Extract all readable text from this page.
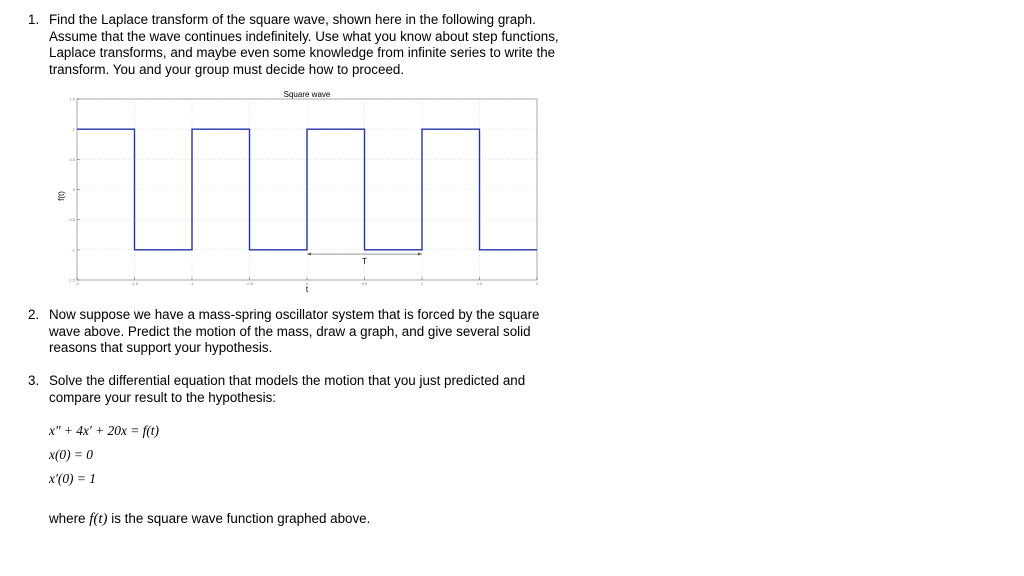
1. Find the Laplace transform of the square wave, shown here in the following graph.
Assume that the wave continues indefinitely. Use what you know about step functions,
Laplace transforms, and maybe even some knowledge from infinite series to write the
transform. You and your group must decide how to proceed.
Square wave
-2	-1.5	-1	-0.5	0	0.5	1	1.5	2
1.5
1
0.5
0
-0.5
-1
-1.5
T
f(t)
t
2. Now suppose we have a mass-spring oscillator system that is forced by the square
wave above. Predict the motion of the mass, draw a graph, and give several solid
reasons that support your hypothesis.
3. Solve the differential equation that models the motion that you just predicted and
compare your result to the hypothesis:
x″ + 4x′ + 20x = f(t)
x(0) = 0
x′(0) = 1
where f(t) is the square wave function graphed above.
